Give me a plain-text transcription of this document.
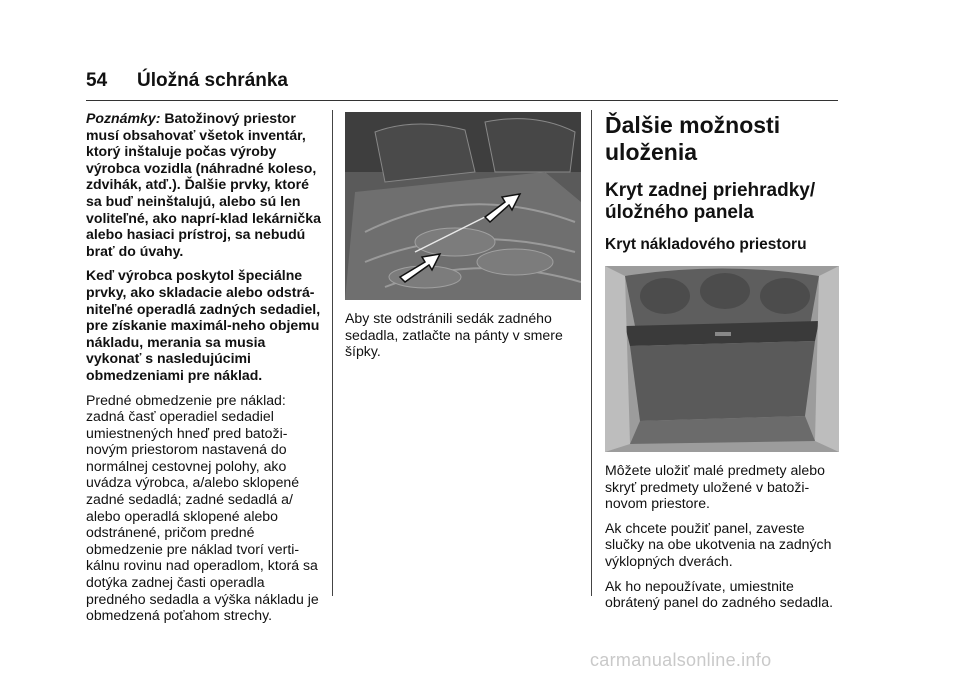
54 Úložná schránka

Poznámky: Batožinový priestor musí obsahovať všetok inventár, ktorý inštaluje počas výroby výrobca vozidla (náhradné koleso, zdvihák, atď.). Ďalšie prvky, ktoré sa buď neinštalujú, alebo sú len voliteľné, ako naprí-klad lekárnička alebo hasiaci prístroj, sa nebudú brať do úvahy.

Keď výrobca poskytol špeciálne prvky, ako skladacie alebo odstrá-niteľné operadlá zadných sedadiel, pre získanie maximál-neho objemu nákladu, merania sa musia vykonať s nasledujúcimi obmedzeniami pre náklad.

Predné obmedzenie pre náklad: zadná časť operadiel sedadiel umiestnených hneď pred batoži-novým priestorom nastavená do normálnej cestovnej polohy, ako uvádza výrobca, a/alebo sklopené zadné sedadlá; zadné sedadlá a/ alebo operadlá sklopené alebo odstránené, pričom predné obmedzenie pre náklad tvorí verti-kálnu rovinu nad operadlom, ktorá sa dotýka zadnej časti operadla predného sedadla a výška nákladu je obmedzená poťahom strechy.

Aby ste odstránili sedák zadného sedadla, zatlačte na pánty v smere šípky.

Ďalšie možnosti uloženia
Kryt zadnej priehradky/ úložného panela
Kryt nákladového priestoru

Môžete uložiť malé predmety alebo skryť predmety uložené v batoži-novom priestore.

Ak chcete použiť panel, zaveste slučky na obe ukotvenia na zadných výklopných dverách.

Ak ho nepoužívate, umiestnite obrátený panel do zadného sedadla.

carmanualsonline.info
